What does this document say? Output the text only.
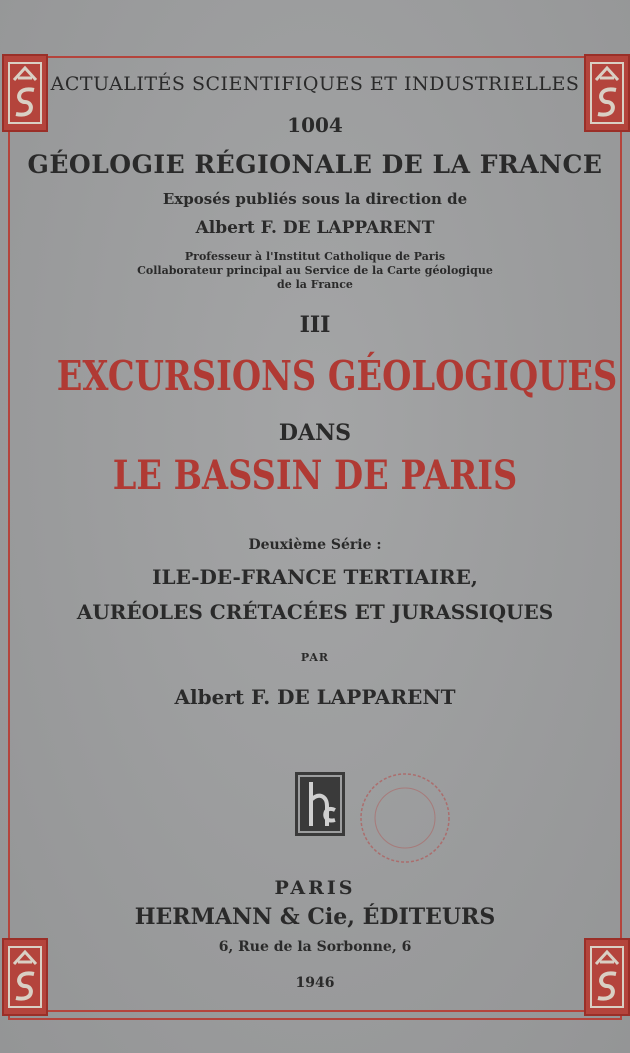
ACTUALITÉS SCIENTIFIQUES ET INDUSTRIELLES
1004
GÉOLOGIE RÉGIONALE DE LA FRANCE
Exposés publiés sous la direction de
Albert F. DE LAPPARENT
Professeur à l'Institut Catholique de Paris
Collaborateur principal au Service de la Carte géologique
de la France
III
EXCURSIONS GÉOLOGIQUES
DANS
LE BASSIN DE PARIS
Deuxième Série :
ILE-DE-FRANCE TERTIAIRE,
AURÉOLES CRÉTACÉES ET JURASSIQUES
PAR
Albert F. DE LAPPARENT
PARIS
HERMANN & Cie, ÉDITEURS
6, Rue de la Sorbonne, 6
1946
